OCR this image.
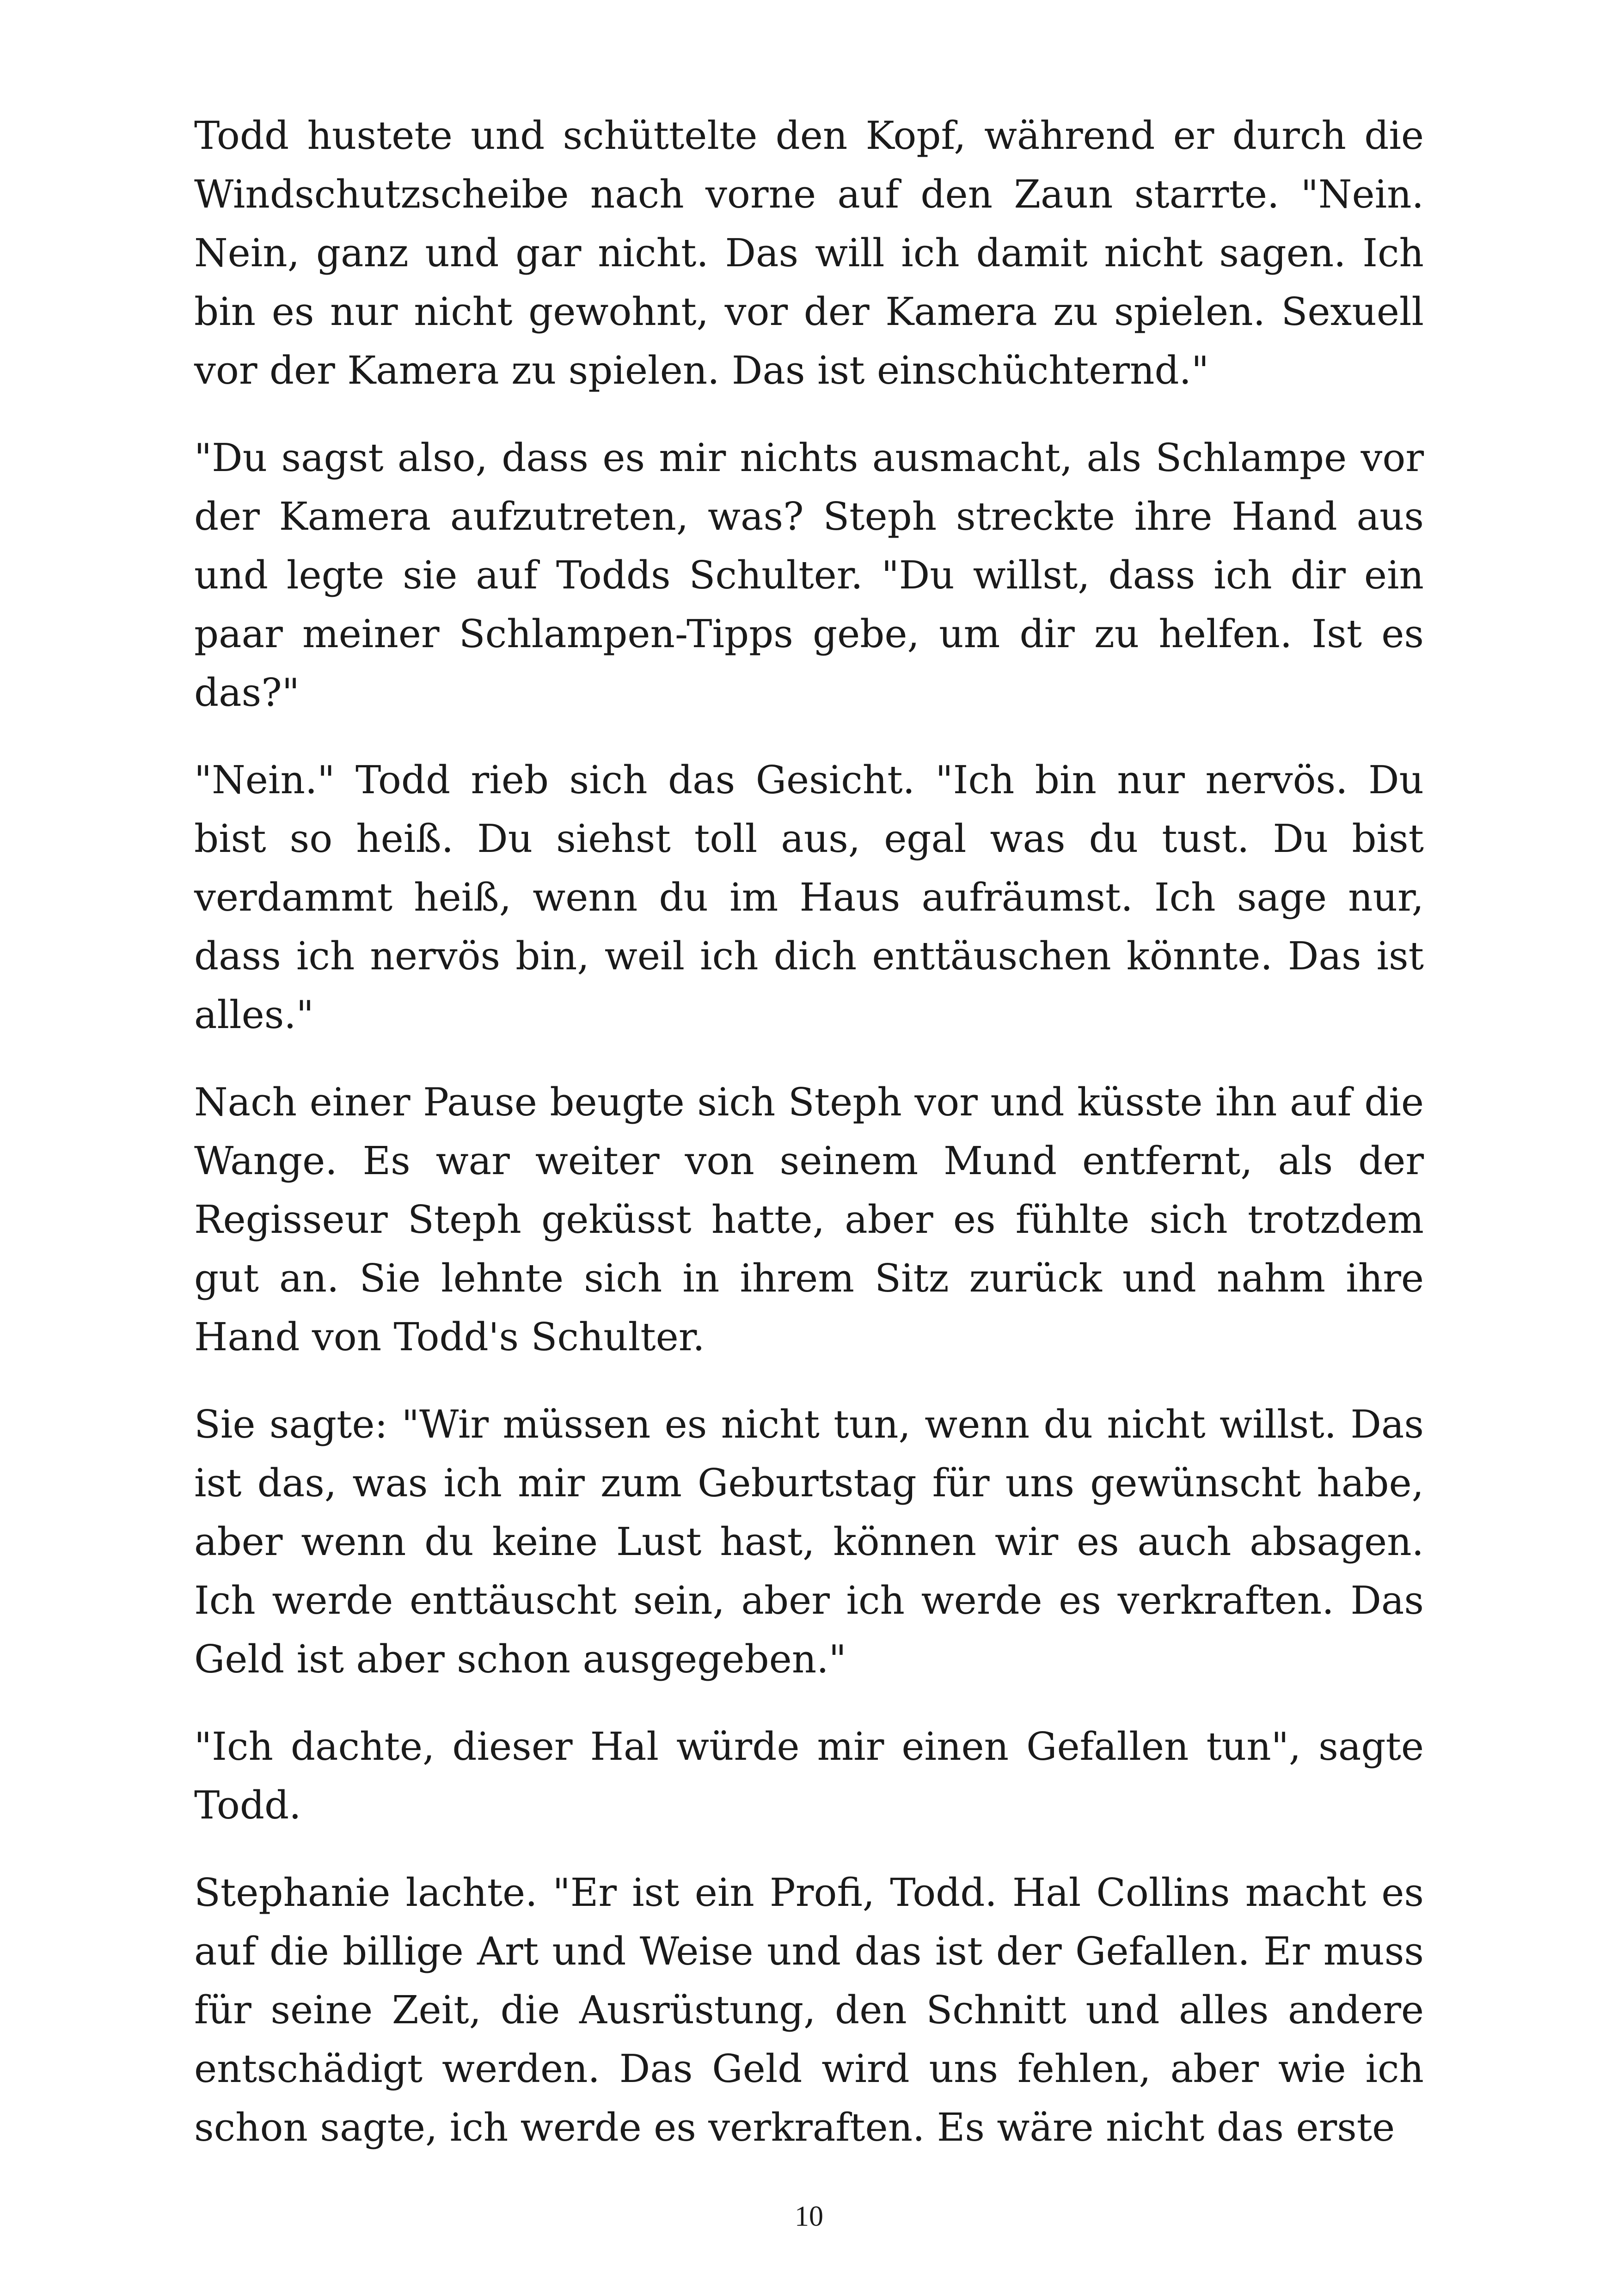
Todd hustete und schüttelte den Kopf, während er durch die Windschutzscheibe nach vorne auf den Zaun starrte. "Nein. Nein, ganz und gar nicht. Das will ich damit nicht sagen. Ich bin es nur nicht gewohnt, vor der Kamera zu spielen. Sexuell vor der Kamera zu spielen. Das ist einschüchternd."

"Du sagst also, dass es mir nichts ausmacht, als Schlampe vor der Kamera aufzutreten, was? Steph streckte ihre Hand aus und legte sie auf Todds Schulter. "Du willst, dass ich dir ein paar meiner Schlampen-Tipps gebe, um dir zu helfen. Ist es das?"

"Nein." Todd rieb sich das Gesicht. "Ich bin nur nervös. Du bist so heiß. Du siehst toll aus, egal was du tust. Du bist verdammt heiß, wenn du im Haus aufräumst. Ich sage nur, dass ich nervös bin, weil ich dich enttäuschen könnte. Das ist alles."

Nach einer Pause beugte sich Steph vor und küsste ihn auf die Wange. Es war weiter von seinem Mund entfernt, als der Regisseur Steph geküsst hatte, aber es fühlte sich trotzdem gut an. Sie lehnte sich in ihrem Sitz zurück und nahm ihre Hand von Todd's Schulter.

Sie sagte: "Wir müssen es nicht tun, wenn du nicht willst. Das ist das, was ich mir zum Geburtstag für uns gewünscht habe, aber wenn du keine Lust hast, können wir es auch absagen. Ich werde enttäuscht sein, aber ich werde es verkraften. Das Geld ist aber schon ausgegeben."

"Ich dachte, dieser Hal würde mir einen Gefallen tun", sagte Todd.

Stephanie lachte. "Er ist ein Profi, Todd. Hal Collins macht es auf die billige Art und Weise und das ist der Gefallen. Er muss für seine Zeit, die Ausrüstung, den Schnitt und alles andere entschädigt werden. Das Geld wird uns fehlen, aber wie ich schon sagte, ich werde es verkraften. Es wäre nicht das erste

10
